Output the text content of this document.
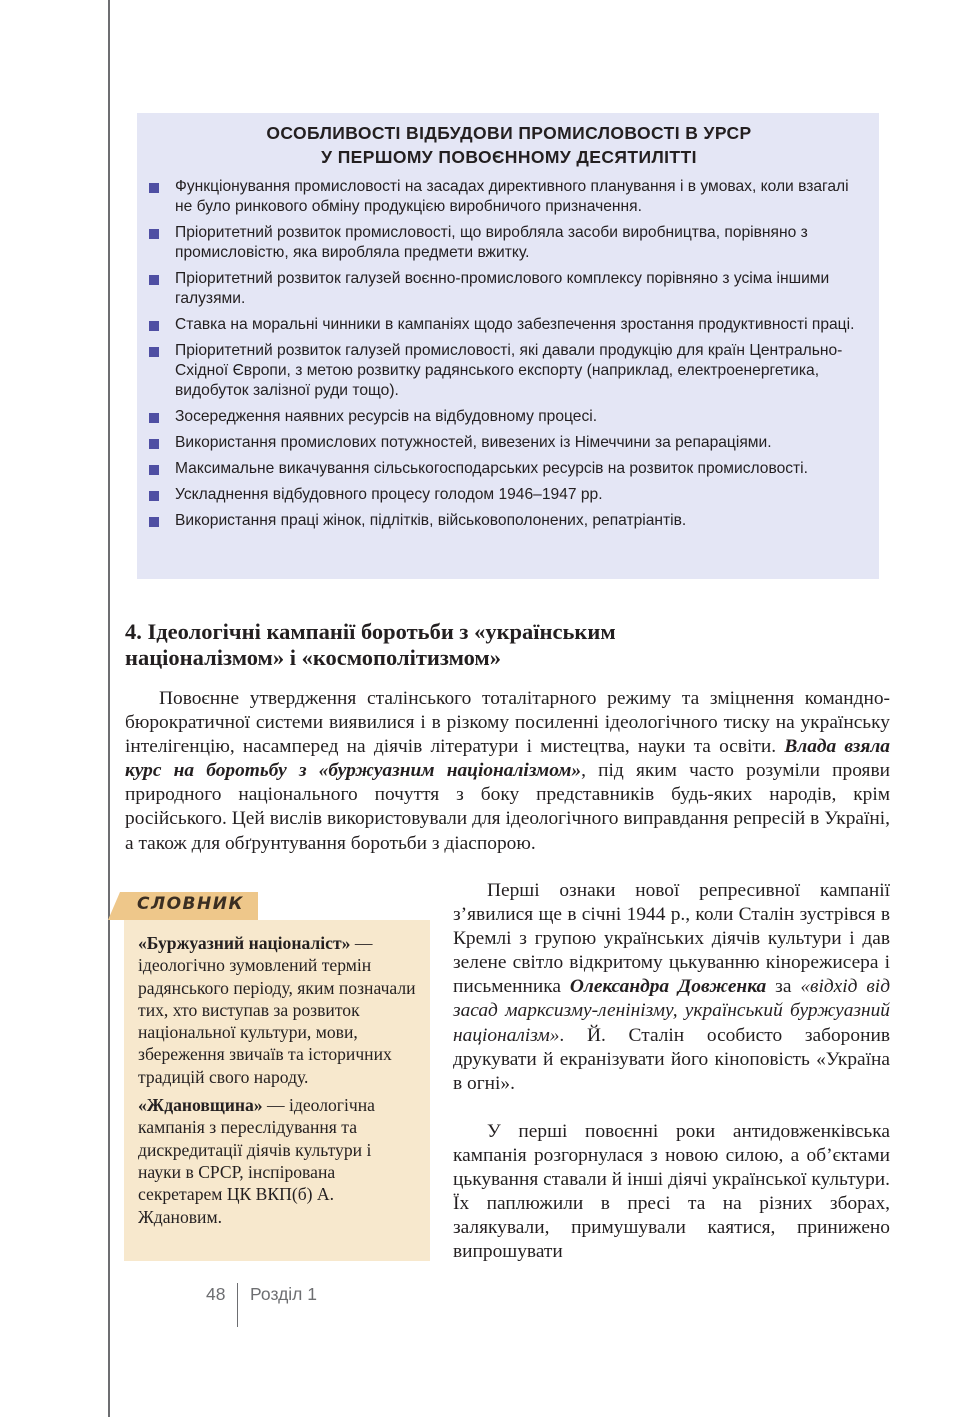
ОСОБЛИВОСТІ ВІДБУДОВИ ПРОМИСЛОВОСТІ В УРСР
У ПЕРШОМУ ПОВОЄННОМУ ДЕСЯТИЛІТТІ
Функціонування промисловості на засадах директивного планування і в умовах, коли взагалі не було ринкового обміну продукцією виробничого призначення.
Пріоритетний розвиток промисловості, що виробляла засоби виробництва, порівняно з промисловістю, яка виробляла предмети вжитку.
Пріоритетний розвиток галузей воєнно-промислового комплексу порівняно з усіма іншими галузями.
Ставка на моральні чинники в кампаніях щодо забезпечення зростання продуктивності праці.
Пріоритетний розвиток галузей промисловості, які давали продукцію для країн Центрально-Східної Європи, з метою розвитку радянського експорту (наприклад, електроенергетика, видобуток залізної руди тощо).
Зосередження наявних ресурсів на відбудовному процесі.
Використання промислових потужностей, вивезених із Німеччини за репараціями.
Максимальне викачування сільськогосподарських ресурсів на розвиток промисловості.
Ускладнення відбудовного процесу голодом 1946–1947 рр.
Використання праці жінок, підлітків, військовополонених, репатріантів.
4. Ідеологічні кампанії боротьби з «українським
націоналізмом» і «космополітизмом»

Повоєнне утвердження сталінського тоталітарного режиму та зміцнення командно-бюрократичної системи виявилися і в різкому посиленні ідеологічного тиску на українську інтелігенцію, насамперед на діячів літератури і мистецтва, науки та освіти. Влада взяла курс на боротьбу з «буржуазним націоналізмом», під яким часто розуміли прояви природного національного почуття з боку представників будь-яких народів, крім російського. Цей вислів використовували для ідеологічного виправдання репресій в Україні, а також для обґрунтування боротьби з діаспорою.

СЛОВНИК

«Буржуазний націоналіст» — ідеологічно зумовлений термін радянського періоду, яким позначали тих, хто виступав за розвиток національної культури, мови, збереження звичаїв та історичних традицій свого народу.

«Ждановщина» — ідеологічна кампанія з переслідування та дискредитації діячів культури і науки в СРСР, інспірована секретарем ЦК ВКП(б) А. Ждановим.

Перші ознаки нової репресивної кампанії з’явилися ще в січні 1944 р., коли Сталін зустрівся в Кремлі з групою українських діячів культури і дав зелене світло відкритому цькуванню кінорежисера і письменника Олександра Довженка за «відхід від засад марксизму-ленінізму, український буржуазний націоналізм». Й. Сталін особисто заборонив друкувати й екранізувати його кіноповість «Україна в огні».

У перші повоєнні роки антидовженківська кампанія розгорнулася з новою силою, а об’єктами цькування ставали й інші діячі української культури. Їх паплюжили в пресі та на різних зборах, залякували, примушували каятися, принижено випрошувати

48 Розділ 1
